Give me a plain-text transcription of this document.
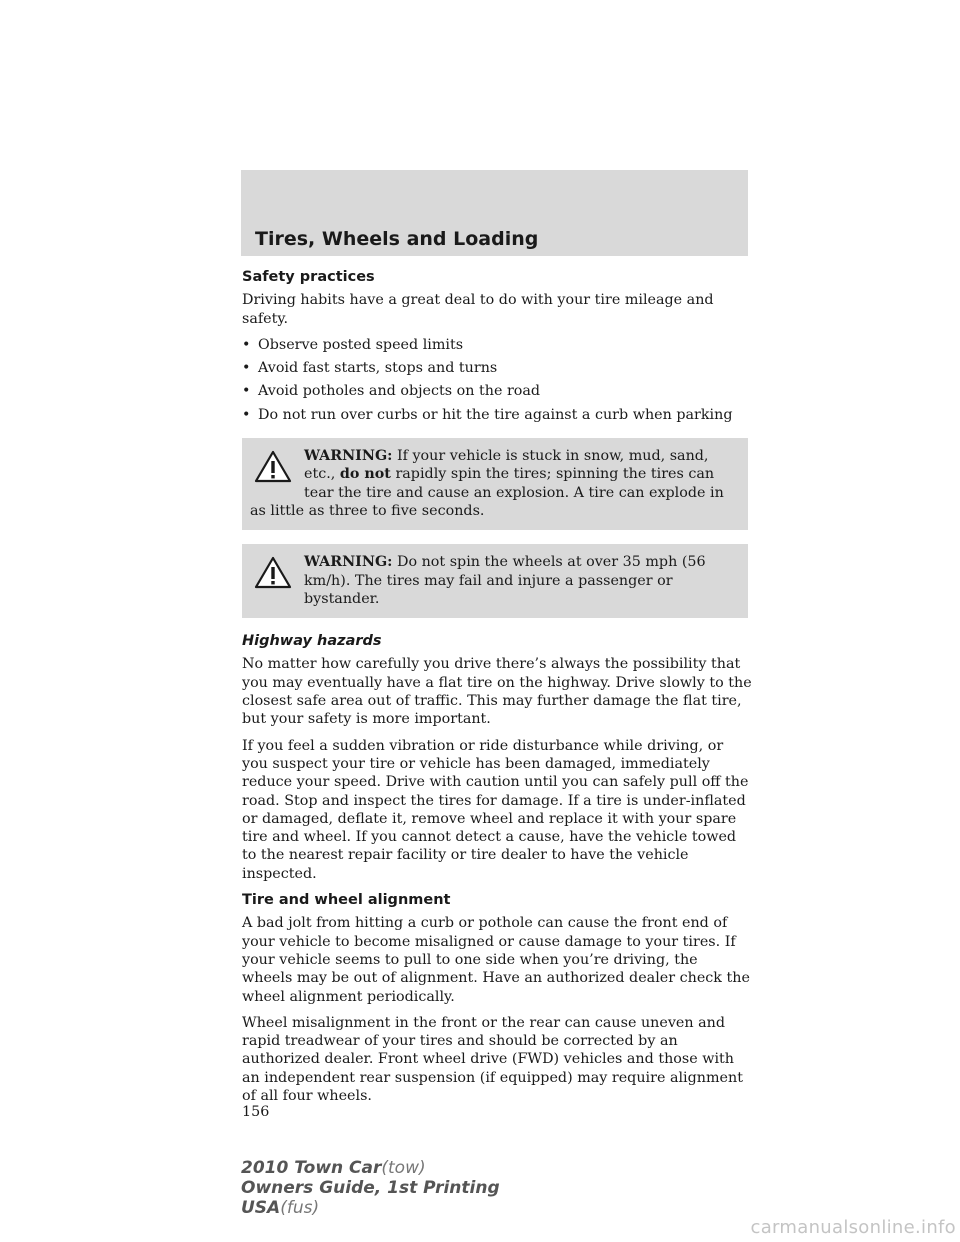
Tires, Wheels and Loading
Safety practices

Driving habits have a great deal to do with your tire mileage and safety.

• Observe posted speed limits
• Avoid fast starts, stops and turns
• Avoid potholes and objects on the road
• Do not run over curbs or hit the tire against a curb when parking
WARNING: If your vehicle is stuck in snow, mud, sand, etc., do not rapidly spin the tires; spinning the tires can tear the tire and cause an explosion. A tire can explode in as little as three to five seconds.
WARNING: Do not spin the wheels at over 35 mph (56 km/h). The tires may fail and injure a passenger or bystander.
Highway hazards

No matter how carefully you drive there’s always the possibility that you may eventually have a flat tire on the highway. Drive slowly to the closest safe area out of traffic. This may further damage the flat tire, but your safety is more important.

If you feel a sudden vibration or ride disturbance while driving, or you suspect your tire or vehicle has been damaged, immediately reduce your speed. Drive with caution until you can safely pull off the road. Stop and inspect the tires for damage. If a tire is under-inflated or damaged, deflate it, remove wheel and replace it with your spare tire and wheel. If you cannot detect a cause, have the vehicle towed to the nearest repair facility or tire dealer to have the vehicle inspected.

Tire and wheel alignment

A bad jolt from hitting a curb or pothole can cause the front end of your vehicle to become misaligned or cause damage to your tires. If your vehicle seems to pull to one side when you’re driving, the wheels may be out of alignment. Have an authorized dealer check the wheel alignment periodically.

Wheel misalignment in the front or the rear can cause uneven and rapid treadwear of your tires and should be corrected by an authorized dealer. Front wheel drive (FWD) vehicles and those with an independent rear suspension (if equipped) may require alignment of all four wheels.

156
2010 Town Car(tow)
Owners Guide, 1st Printing
USA(fus)
carmanualsonline.info
